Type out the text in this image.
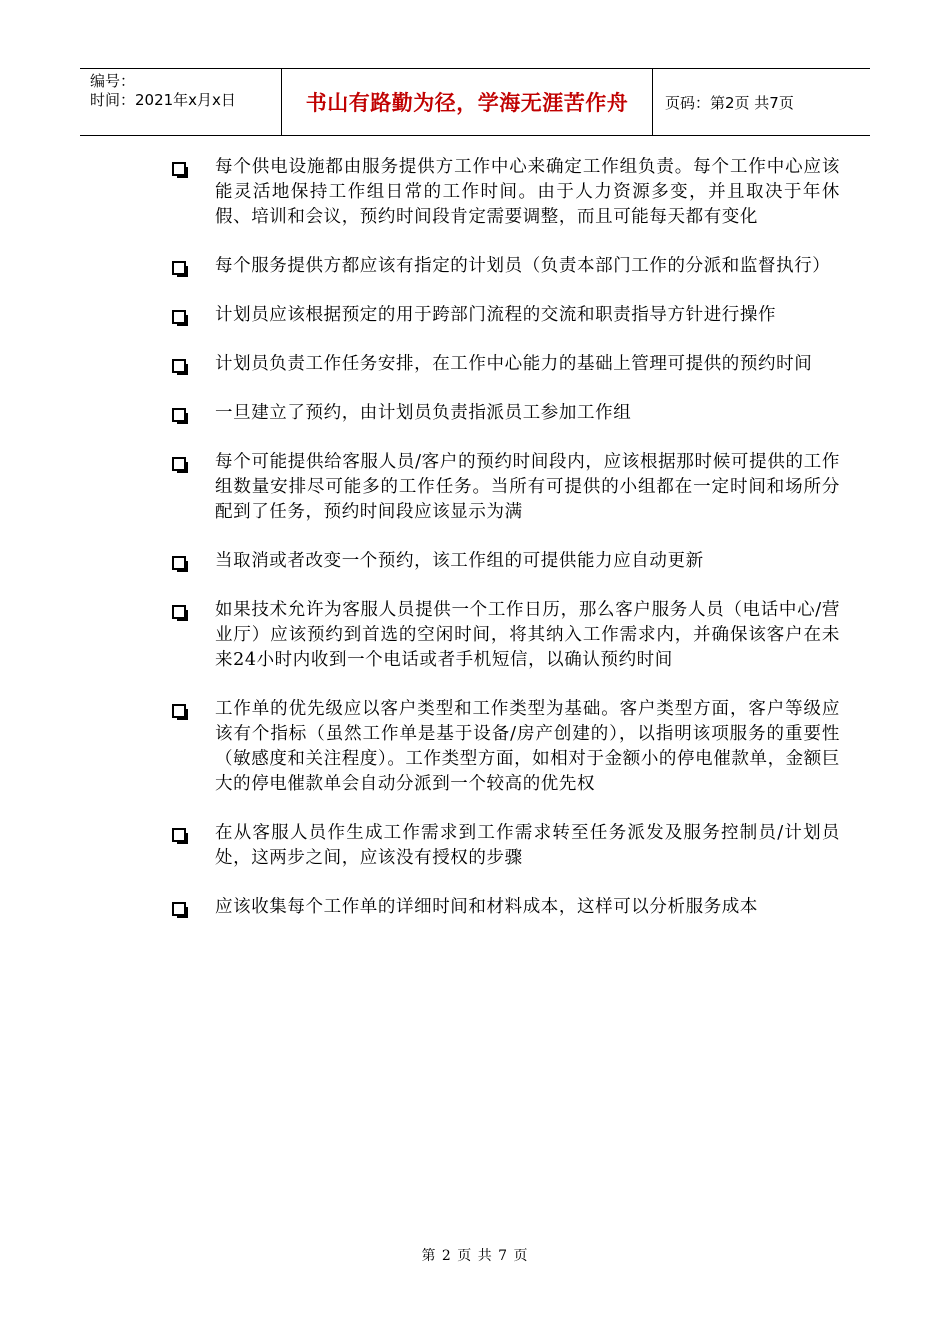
编号：
时间：2021年x月x日	书山有路勤为径，学海无涯苦作舟	页码：第2页 共7页
每个供电设施都由服务提供方工作中心来确定工作组负责。每个工作中心应该能灵活地保持工作组日常的工作时间。由于人力资源多变，并且取决于年休假、培训和会议，预约时间段肯定需要调整，而且可能每天都有变化
每个服务提供方都应该有指定的计划员（负责本部门工作的分派和监督执行）
计划员应该根据预定的用于跨部门流程的交流和职责指导方针进行操作
计划员负责工作任务安排，在工作中心能力的基础上管理可提供的预约时间
一旦建立了预约，由计划员负责指派员工参加工作组
每个可能提供给客服人员/客户的预约时间段内，应该根据那时候可提供的工作组数量安排尽可能多的工作任务。当所有可提供的小组都在一定时间和场所分配到了任务，预约时间段应该显示为满
当取消或者改变一个预约，该工作组的可提供能力应自动更新
如果技术允许为客服人员提供一个工作日历，那么客户服务人员（电话中心/营业厅）应该预约到首选的空闲时间，将其纳入工作需求内，并确保该客户在未来24小时内收到一个电话或者手机短信，以确认预约时间
工作单的优先级应以客户类型和工作类型为基础。客户类型方面，客户等级应该有个指标（虽然工作单是基于设备/房产创建的），以指明该项服务的重要性（敏感度和关注程度）。工作类型方面，如相对于金额小的停电催款单，金额巨大的停电催款单会自动分派到一个较高的优先权
在从客服人员作生成工作需求到工作需求转至任务派发及服务控制员/计划员处，这两步之间，应该没有授权的步骤
应该收集每个工作单的详细时间和材料成本，这样可以分析服务成本
第 2 页 共 7 页
